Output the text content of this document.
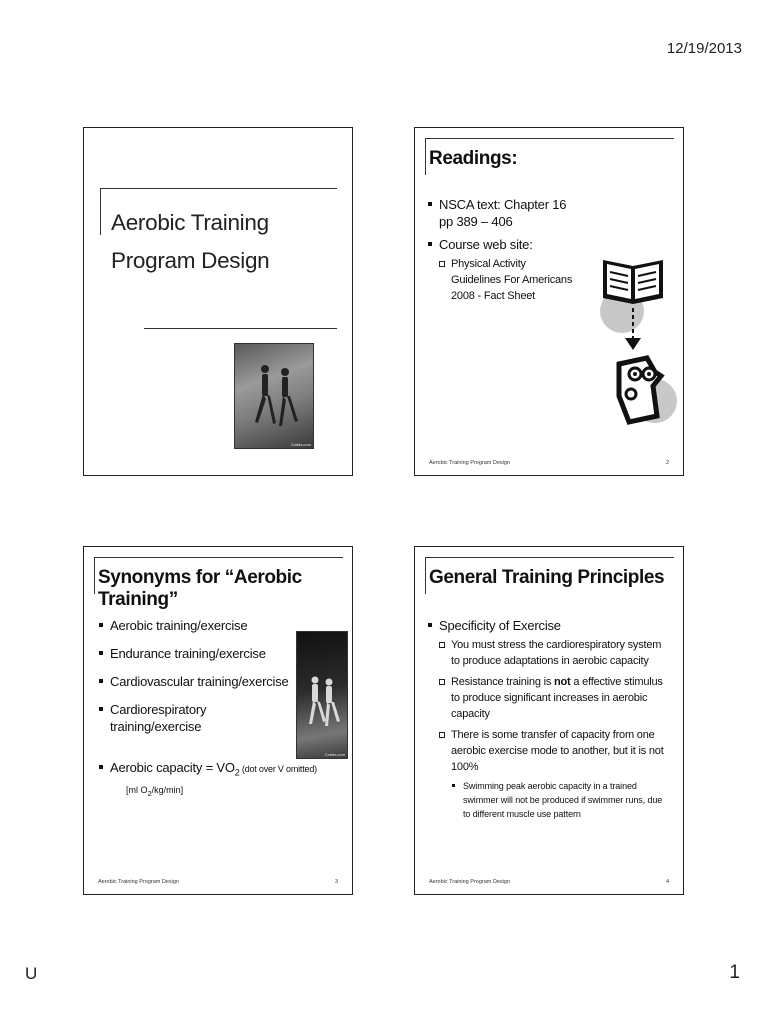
12/19/2013
Aerobic Training Program Design
Corbis.com
Readings:
NSCA text: Chapter 16 pp 389 – 406
Course web site:
Physical Activity Guidelines For Americans 2008 - Fact Sheet
Aerobic Training Program Design	2
Synonyms for “Aerobic Training”
Aerobic training/exercise
Endurance training/exercise
Cardiovascular training/exercise
Cardiorespiratory training/exercise
Corbis.com
Aerobic capacity = $VO_2$ (dot over V omitted)
[ml $O_2/kg/\min$]
Aerobic Training Program Design	3
General Training Principles
Specificity of Exercise
You must stress the cardiorespiratory system to produce adaptations in aerobic capacity
Resistance training is not a effective stimulus to produce significant increases in aerobic capacity
There is some transfer of capacity from one aerobic exercise mode to another, but it is not 100%
Swimming peak aerobic capacity in a trained swimmer will not be produced if swimmer runs, due to different muscle use pattern
Aerobic Training Program Design	4
U	1
